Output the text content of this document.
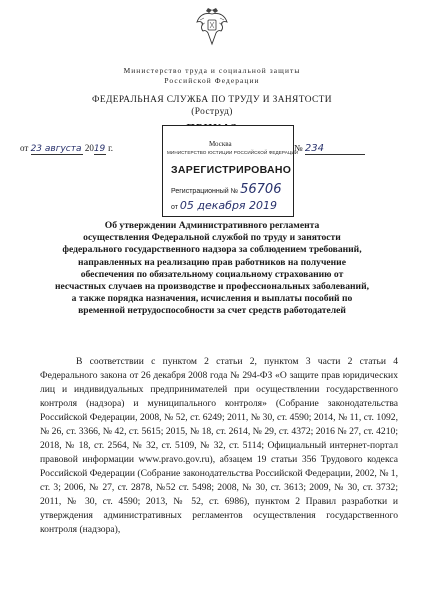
Министерство труда и социальной защиты
Российской Федерации
ФЕДЕРАЛЬНАЯ СЛУЖБА ПО ТРУДУ И ЗАНЯТОСТИ
(Роструд)
от 23 августа 2019 г.	№ 234
Москва
МИНИСТЕРСТВО ЮСТИЦИИ РОССИЙСКОЙ ФЕДЕРАЦИИ
ЗАРЕГИСТРИРОВАНО
Регистрационный № 56706
от 05 декабря 2019
Об утверждении Административного регламента
осуществления Федеральной службой по труду и занятости
федерального государственного надзора за соблюдением требований,
направленных на реализацию прав работников на получение
обеспечения по обязательному социальному страхованию от
несчастных случаев на производстве и профессиональных заболеваний,
а также порядка назначения, исчисления и выплаты пособий по
временной нетрудоспособности за счет средств работодателей
В соответствии с пунктом 2 статьи 2, пунктом 3 части 2 статьи 4 Федерального закона от 26 декабря 2008 года № 294-ФЗ «О защите прав юридических лиц и индивидуальных предпринимателей при осуществлении государственного контроля (надзора) и муниципального контроля» (Собрание законодательства Российской Федерации, 2008, № 52, ст. 6249; 2011, № 30, ст. 4590; 2014, № 11, ст. 1092, № 26, ст. 3366, № 42, ст. 5615; 2015, № 18, ст. 2614, № 29, ст. 4372; 2016 № 27, ст. 4210; 2018, № 18, ст. 2564, № 32, ст. 5109, № 32, ст. 5114; Официальный интернет-портал правовой информации www.pravo.gov.ru), абзацем 19 статьи 356 Трудового кодекса Российской Федерации (Собрание законодательства Российской Федерации, 2002, № 1, ст. 3; 2006, № 27, ст. 2878, №52 ст. 5498; 2008, № 30, ст. 3613; 2009, № 30, ст. 3732; 2011, № 30, ст. 4590; 2013, № 52, ст. 6986), пунктом 2 Правил разработки и утверждения административных регламентов осуществления государственного контроля (надзора),
